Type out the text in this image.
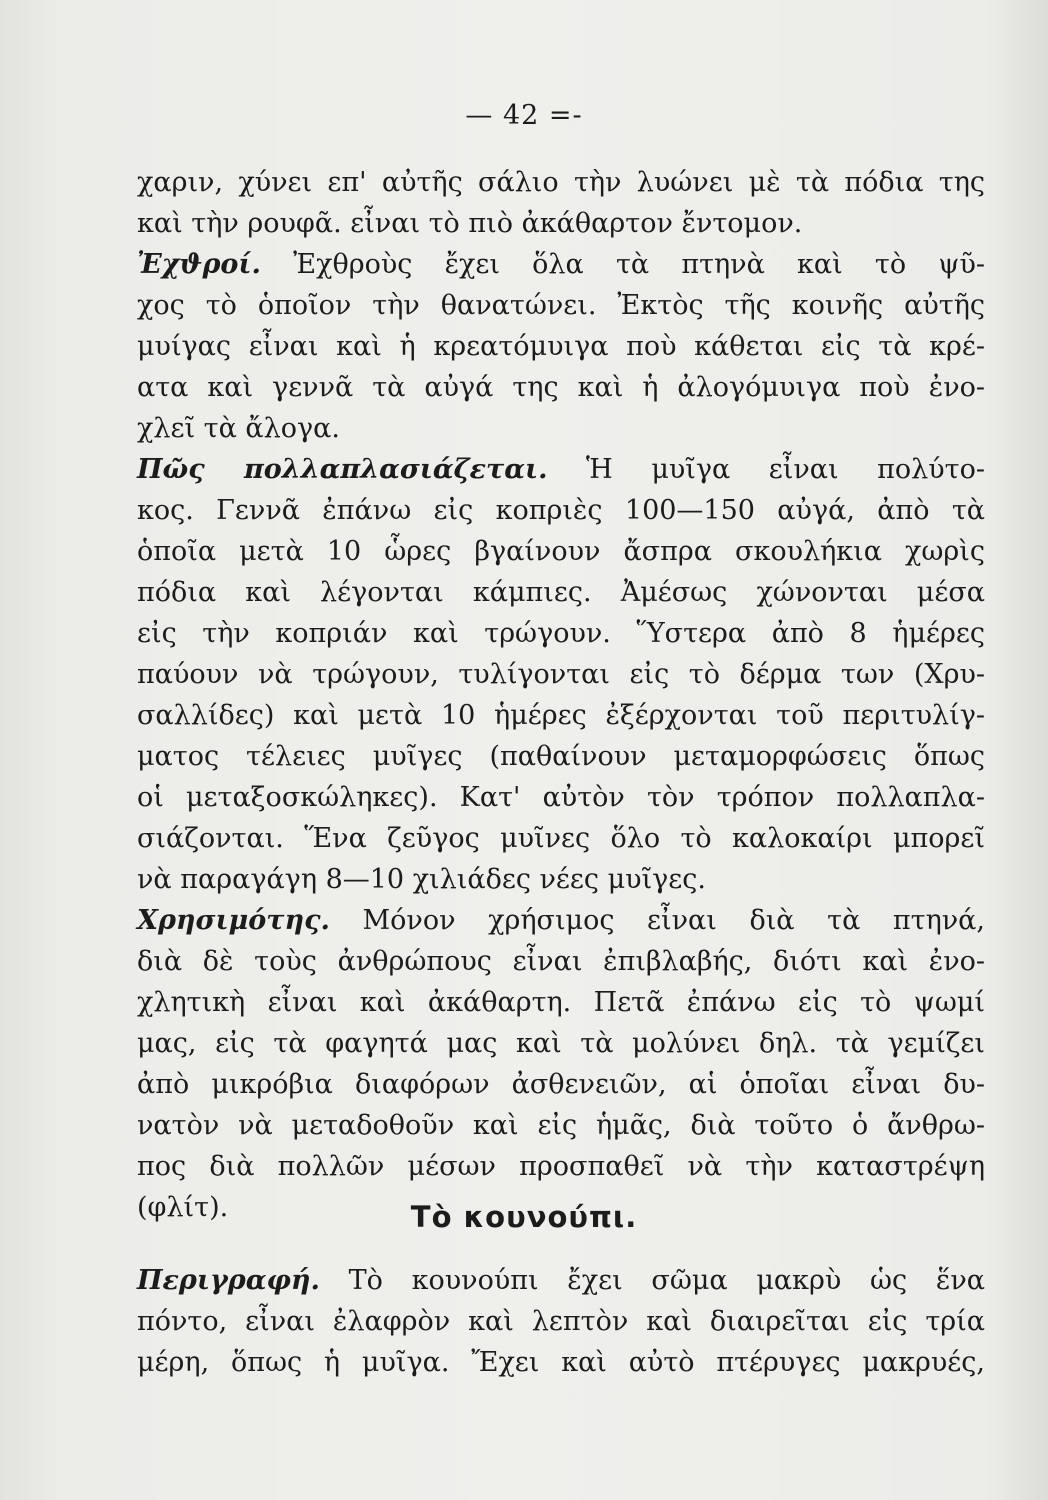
— 42 =-
χαριν, χύνει επ' αὐτῆς σάλιο τὴν λυώνει μὲ τὰ πόδια της
καὶ τὴν ρουφᾶ. εἶναι τὸ πιὸ ἀκάθαρτον ἔντομον.
Ἐχϑροί. Ἐχθροὺς ἔχει ὅλα τὰ πτηνὰ καὶ τὸ ψῦ-
χος τὸ ὁποῖον τὴν θανατώνει. Ἐκτὸς τῆς κοινῆς αὐτῆς
μυίγας εἶναι καὶ ἡ κρεατόμυιγα ποὺ κάθεται εἰς τὰ κρέ-
ατα καὶ γεννᾶ τὰ αὐγά της καὶ ἡ ἀλογόμυιγα ποὺ ἐνο-
χλεῖ τὰ ἄλογα.
Πῶς πολλαπλασιάζεται. Ἡ μυῖγα εἶναι πολύτο-
κος. Γεννᾶ ἐπάνω εἰς κοπριὲς 100—150 αὐγά, ἀπὸ τὰ
ὁποῖα μετὰ 10 ὧρες βγαίνουν ἄσπρα σκουλήκια χωρὶς
πόδια καὶ λέγονται κάμπιες. Ἀμέσως χώνονται μέσα
εἰς τὴν κοπριάν καὶ τρώγουν. Ὕστερα ἀπὸ 8 ἡμέρες
παύουν νὰ τρώγουν, τυλίγονται εἰς τὸ δέρμα των (Χρυ-
σαλλίδες) καὶ μετὰ 10 ἡμέρες ἐξέρχονται τοῦ περιτυλίγ-
ματος τέλειες μυῖγες (παθαίνουν μεταμορφώσεις ὅπως
οἱ μεταξοσκώληκες). Κατ' αὐτὸν τὸν τρόπον πολλαπλα-
σιάζονται. Ἕνα ζεῦγος μυῖνες ὅλο τὸ καλοκαίρι μπορεῖ
νὰ παραγάγη 8—10 χιλιάδες νέες μυῖγες.
Χρησιμότης. Μόνον χρήσιμος εἶναι διὰ τὰ πτηνά,
διὰ δὲ τοὺς ἀνθρώπους εἶναι ἐπιβλαβής, διότι καὶ ἐνο-
χλητικὴ εἶναι καὶ ἀκάθαρτη. Πετᾶ ἐπάνω εἰς τὸ ψωμί
μας, εἰς τὰ φαγητά μας καὶ τὰ μολύνει δηλ. τὰ γεμίζει
ἀπὸ μικρόβια διαφόρων ἀσθενειῶν, αἱ ὁποῖαι εἶναι δυ-
νατὸν νὰ μεταδοθοῦν καὶ εἰς ἡμᾶς, διὰ τοῦτο ὁ ἄνθρω-
πος διὰ πολλῶν μέσων προσπαθεῖ νὰ τὴν καταστρέψη
(φλίτ).	Τὸ κουνούπι.
Περιγραφή. Τὸ κουνούπι ἔχει σῶμα μακρὺ ὡς ἕνα
πόντο, εἶναι ἐλαφρὸν καὶ λεπτὸν καὶ διαιρεῖται εἰς τρία
μέρη, ὅπως ἡ μυῖγα. Ἔχει καὶ αὐτὸ πτέρυγες μακρυές,
